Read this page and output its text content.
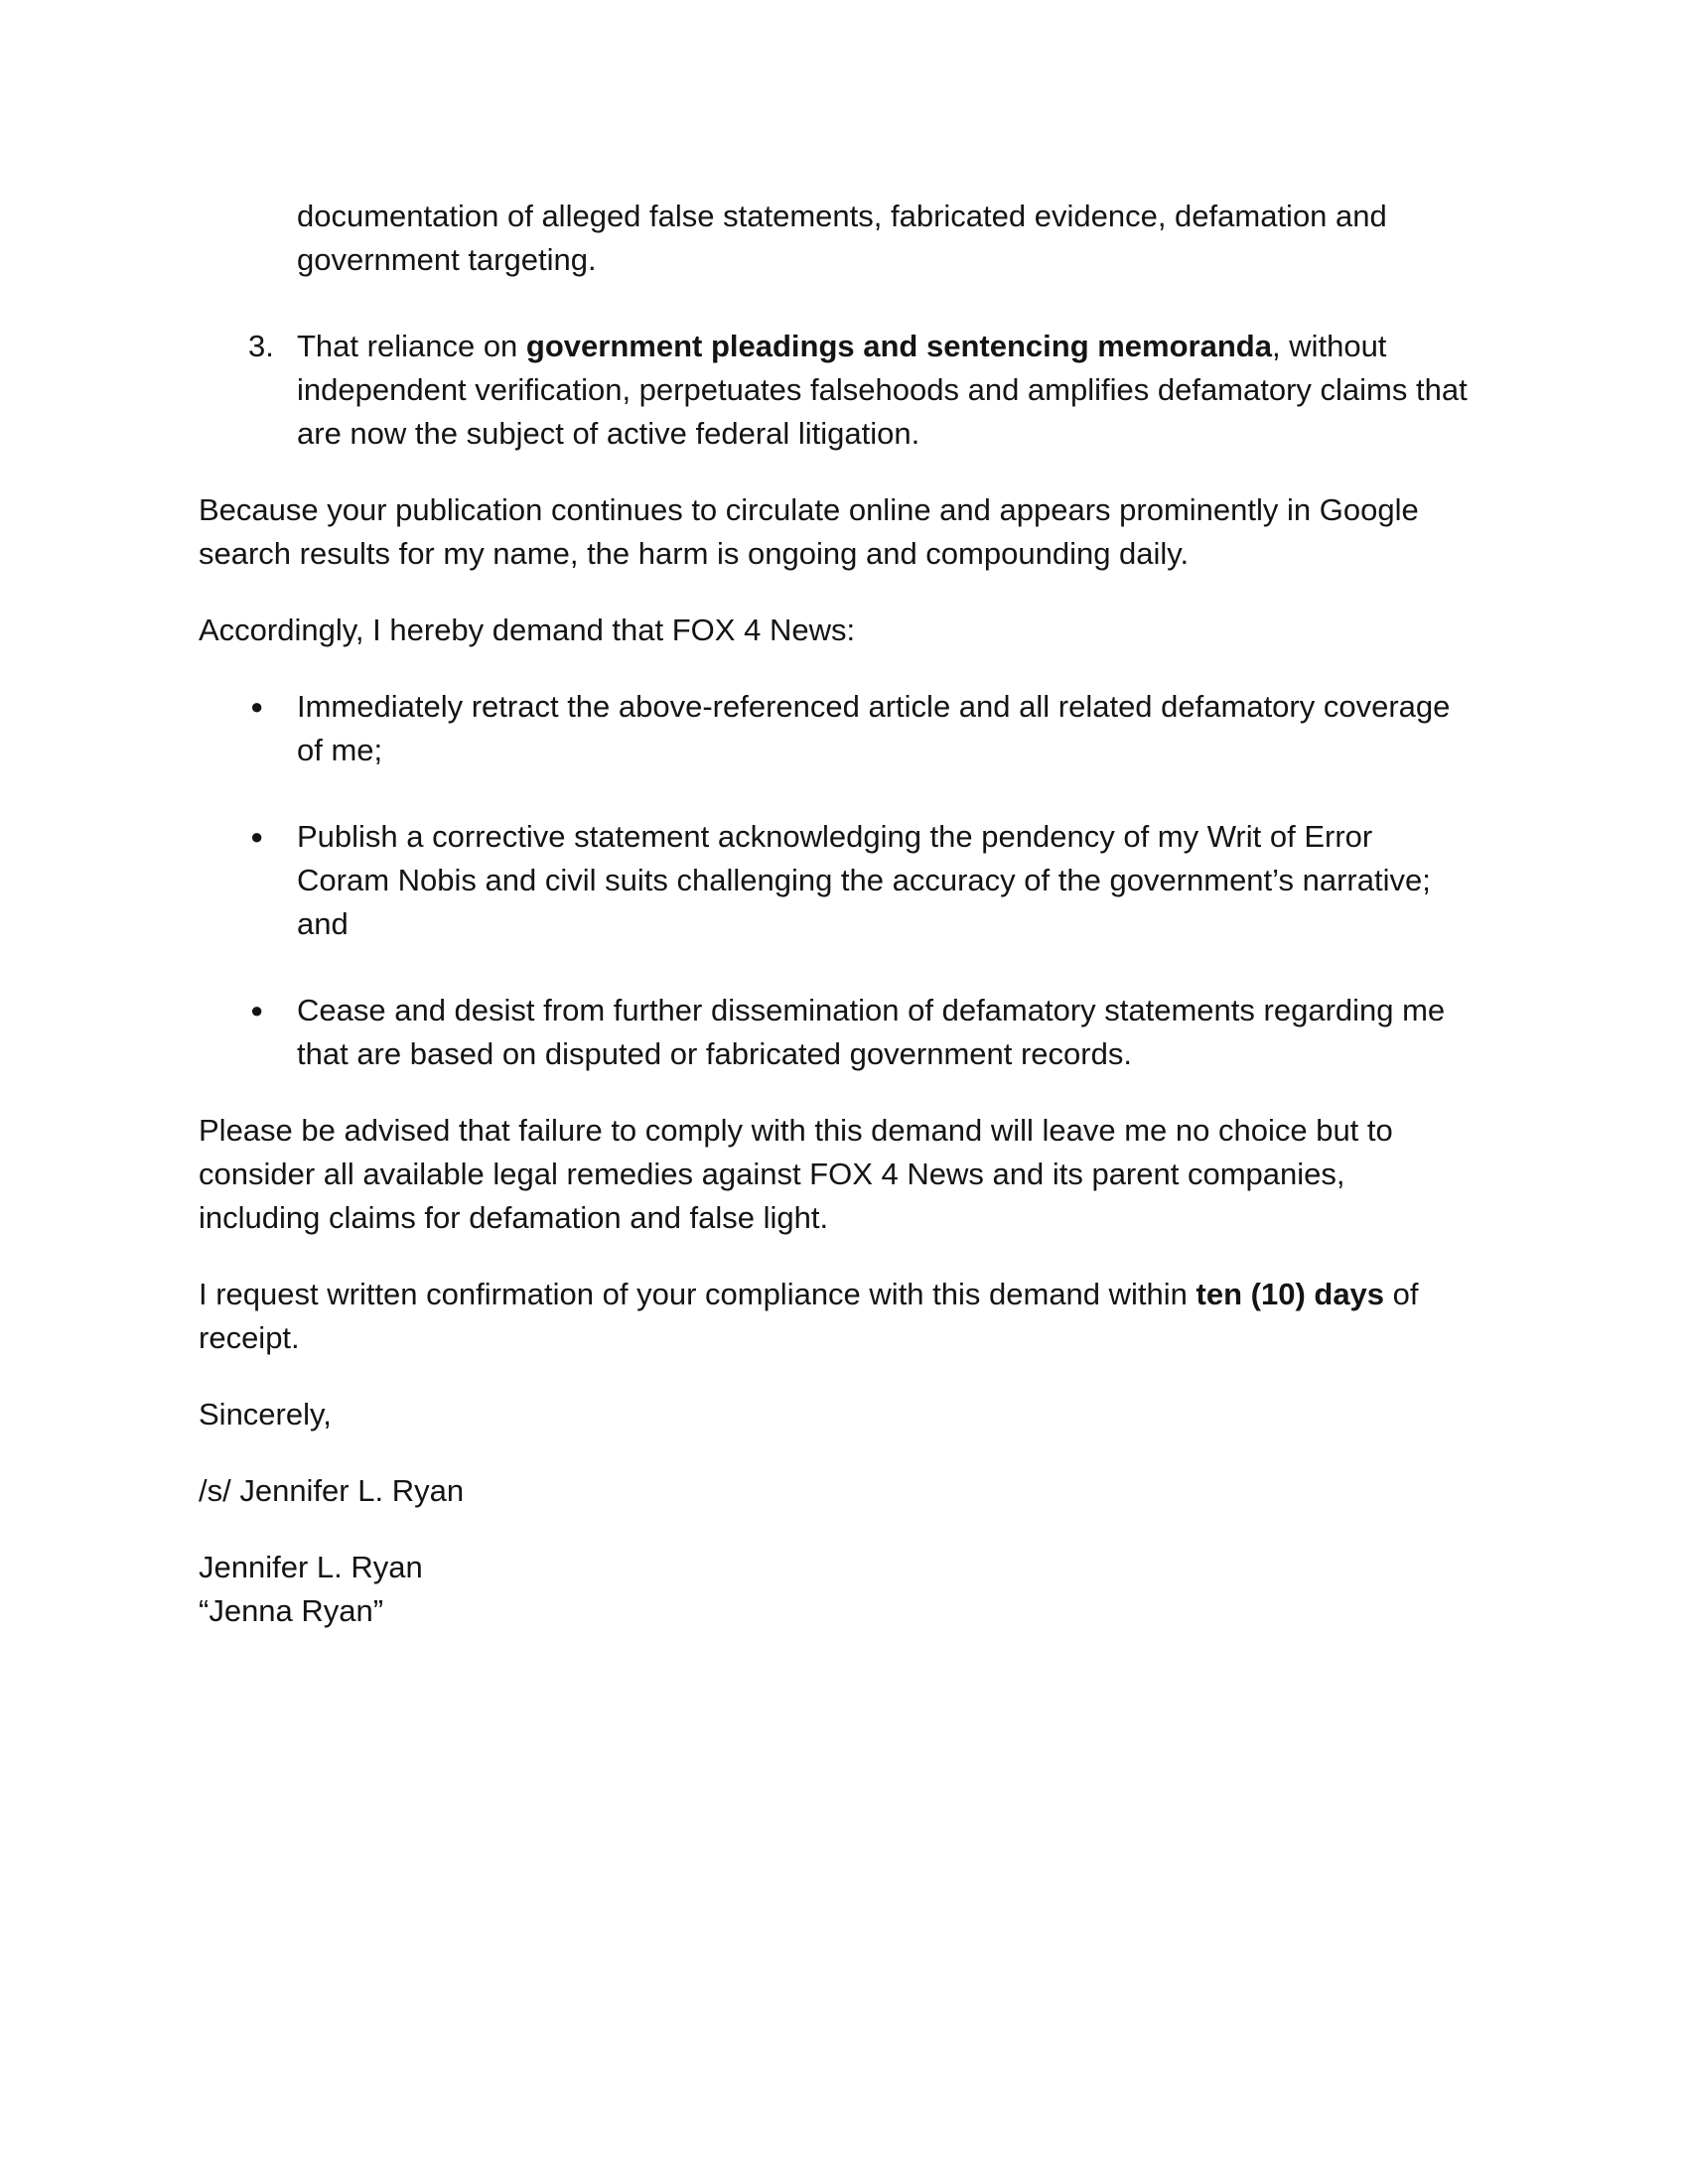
documentation of alleged false statements, fabricated evidence, defamation and government targeting.

3. That reliance on government pleadings and sentencing memoranda, without independent verification, perpetuates falsehoods and amplifies defamatory claims that are now the subject of active federal litigation.

Because your publication continues to circulate online and appears prominently in Google search results for my name, the harm is ongoing and compounding daily.

Accordingly, I hereby demand that FOX 4 News:

● Immediately retract the above-referenced article and all related defamatory coverage of me;

● Publish a corrective statement acknowledging the pendency of my Writ of Error Coram Nobis and civil suits challenging the accuracy of the government’s narrative; and

● Cease and desist from further dissemination of defamatory statements regarding me that are based on disputed or fabricated government records.

Please be advised that failure to comply with this demand will leave me no choice but to consider all available legal remedies against FOX 4 News and its parent companies, including claims for defamation and false light.

I request written confirmation of your compliance with this demand within ten (10) days of receipt.

Sincerely,

/s/ Jennifer L. Ryan

Jennifer L. Ryan

“Jenna Ryan”
